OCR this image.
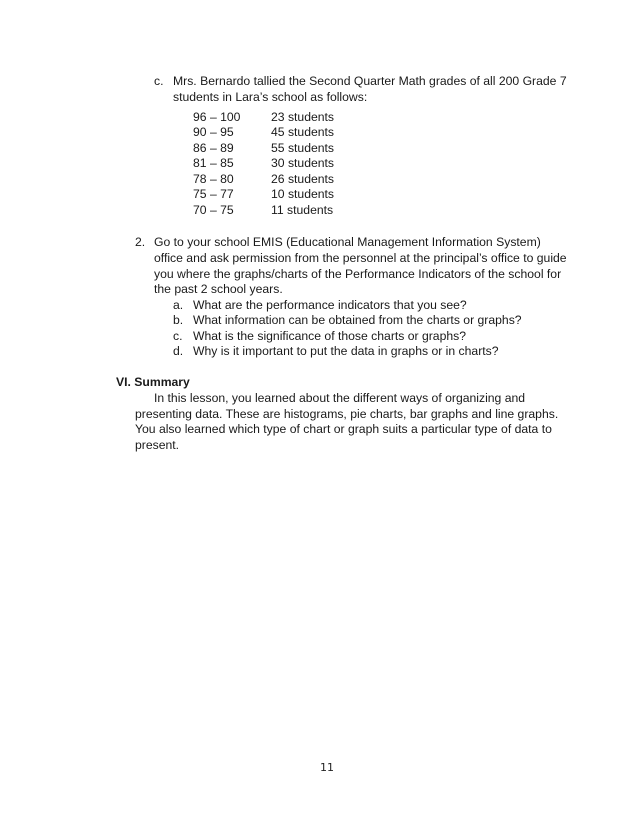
c. Mrs. Bernardo tallied the Second Quarter Math grades of all 200 Grade 7
students in Lara’s school as follows:
96 – 100	23 students
90 – 95	45 students
86 – 89	55 students
81 – 85	30 students
78 – 80	26 students
75 – 77	10 students
70 – 75	11 students
2. Go to your school EMIS (Educational Management Information System)
office and ask permission from the personnel at the principal’s office to guide
you where the graphs/charts of the Performance Indicators of the school for
the past 2 school years.
a. What are the performance indicators that you see?
b. What information can be obtained from the charts or graphs?
c. What is the significance of those charts or graphs?
d. Why is it important to put the data in graphs or in charts?
VI. Summary
In this lesson, you learned about the different ways of organizing and
presenting data. These are histograms, pie charts, bar graphs and line graphs.
You also learned which type of chart or graph suits a particular type of data to
present.
11
